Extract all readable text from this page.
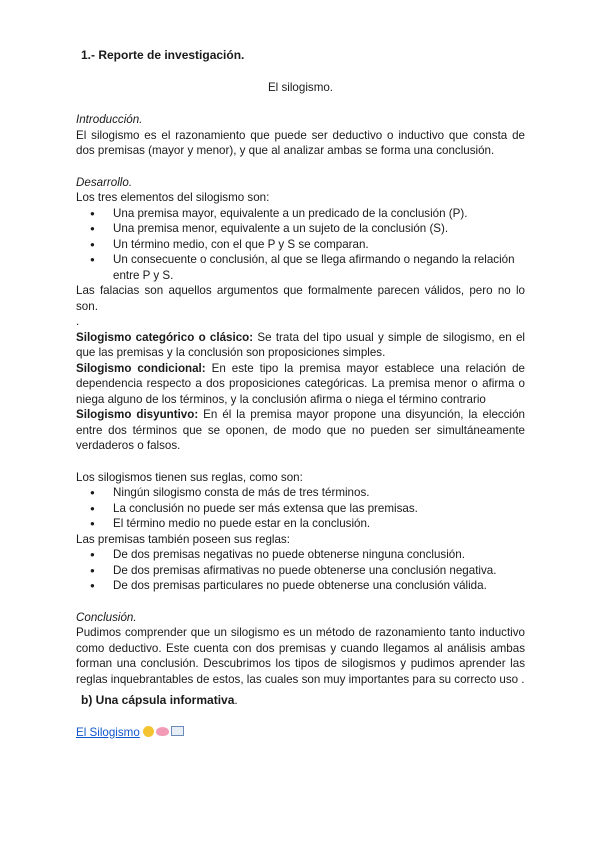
1.- Reporte de investigación.
El silogismo.

Introducción.

El silogismo es el razonamiento que puede ser deductivo o inductivo que consta de dos premisas (mayor y menor), y que al analizar ambas se forma una conclusión.

Desarrollo.

Los tres elementos del silogismo son:

● Una premisa mayor, equivalente a un predicado de la conclusión (P).
● Una premisa menor, equivalente a un sujeto de la conclusión (S).
● Un término medio, con el que P y S se comparan.
● Un consecuente o conclusión, al que se llega afirmando o negando la relación entre P y S.

Las falacias son aquellos argumentos que formalmente parecen válidos, pero no lo son.

.

Silogismo categórico o clásico: Se trata del tipo usual y simple de silogismo, en el que las premisas y la conclusión son proposiciones simples.

Silogismo condicional: En este tipo la premisa mayor establece una relación de dependencia respecto a dos proposiciones categóricas. La premisa menor o afirma o niega alguno de los términos, y la conclusión afirma o niega el término contrario

Silogismo disyuntivo: En él la premisa mayor propone una disyunción, la elección entre dos términos que se oponen, de modo que no pueden ser simultáneamente verdaderos o falsos.

Los silogismos tienen sus reglas, como son:

● Ningún silogismo consta de más de tres términos.
● La conclusión no puede ser más extensa que las premisas.
● El término medio no puede estar en la conclusión.

Las premisas también poseen sus reglas:

● De dos premisas negativas no puede obtenerse ninguna conclusión.
● De dos premisas afirmativas no puede obtenerse una conclusión negativa.
● De dos premisas particulares no puede obtenerse una conclusión válida.

Conclusión.

Pudimos comprender que un silogismo es un método de razonamiento tanto inductivo como deductivo. Este cuenta con dos premisas y cuando llegamos al análisis ambas forman una conclusión. Descubrimos los tipos de silogismos y pudimos aprender las reglas inquebrantables de estos, las cuales son muy importantes para su correcto uso .

b) Una cápsula informativa.

El Silogismo
